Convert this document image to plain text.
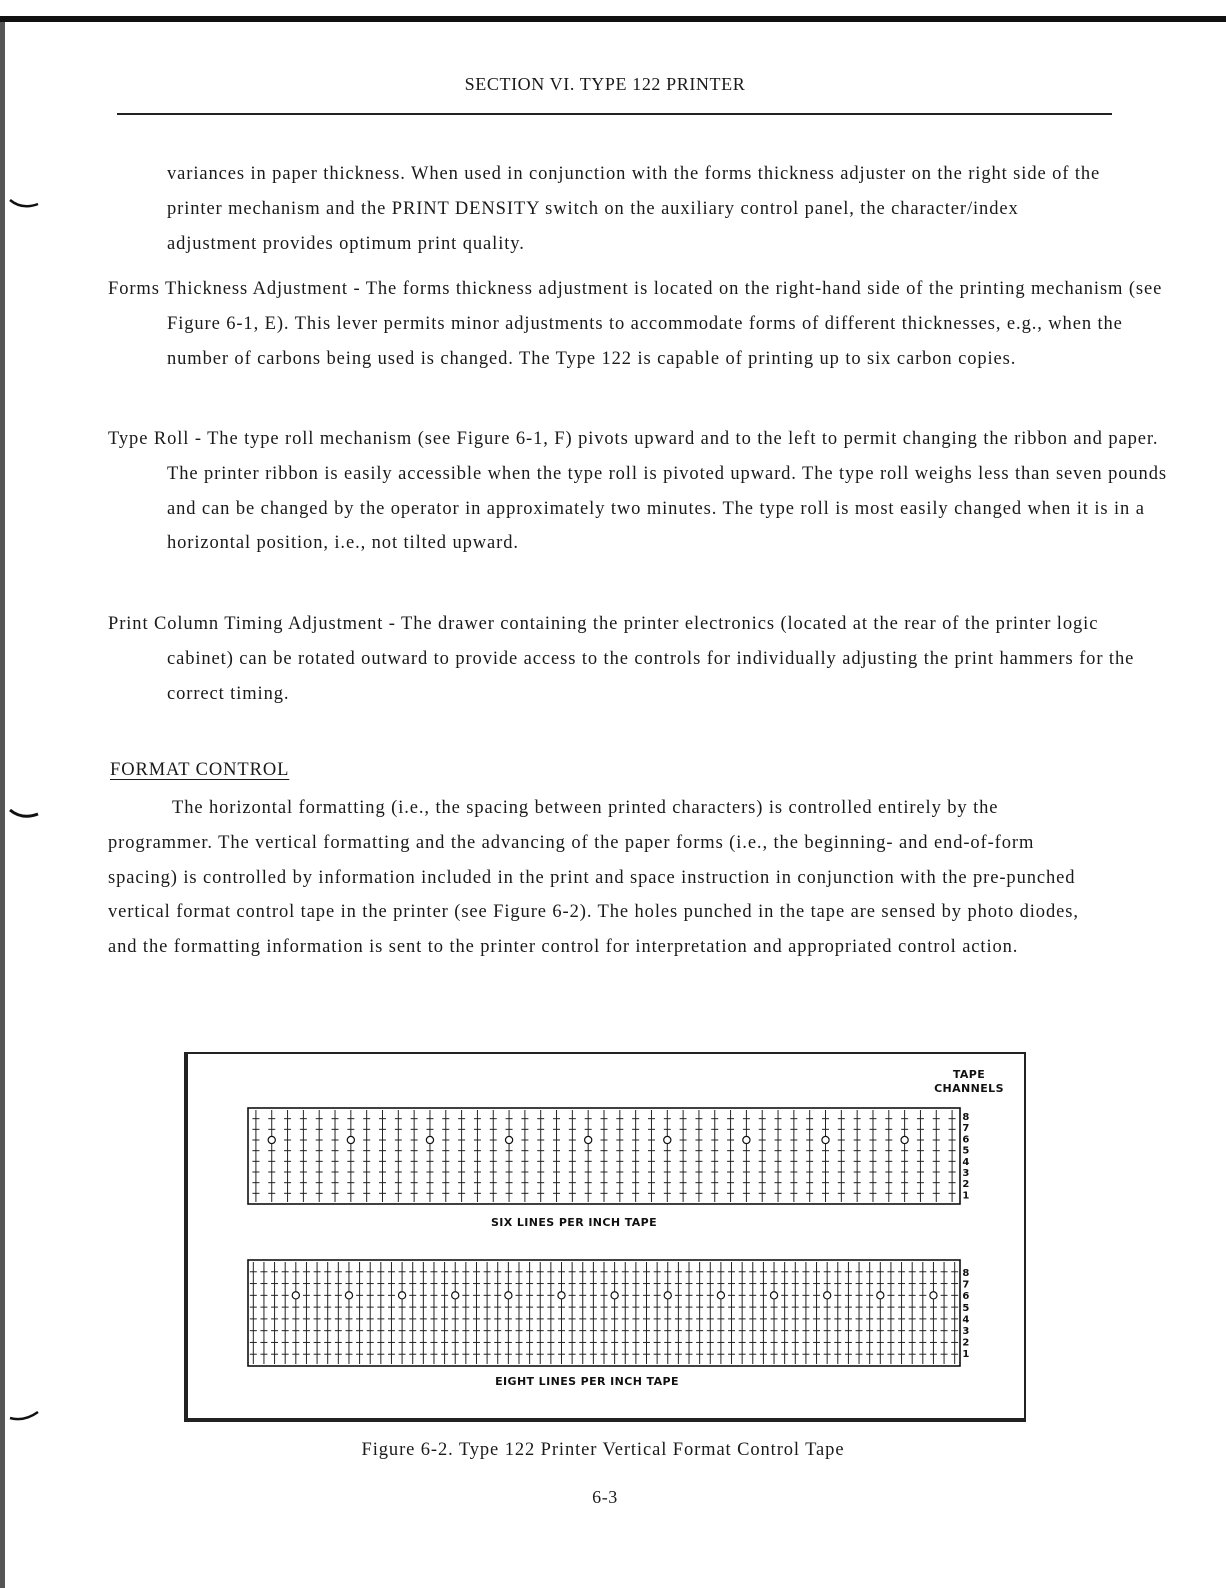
SECTION VI. TYPE 122 PRINTER

variances in paper thickness. When used in conjunction with the forms thickness adjuster on the right side of the printer mechanism and the PRINT DENSITY switch on the auxiliary control panel, the character/index adjustment provides optimum print quality.

Forms Thickness Adjustment - The forms thickness adjustment is located on the right-hand side of the printing mechanism (see Figure 6-1, E). This lever permits minor adjustments to accommodate forms of different thicknesses, e.g., when the number of carbons being used is changed. The Type 122 is capable of printing up to six carbon copies.

Type Roll - The type roll mechanism (see Figure 6-1, F) pivots upward and to the left to permit changing the ribbon and paper. The printer ribbon is easily accessible when the type roll is pivoted upward. The type roll weighs less than seven pounds and can be changed by the operator in approximately two minutes. The type roll is most easily changed when it is in a horizontal position, i.e., not tilted upward.

Print Column Timing Adjustment - The drawer containing the printer electronics (located at the rear of the printer logic cabinet) can be rotated outward to provide access to the controls for individually adjusting the print hammers for the correct timing.

FORMAT CONTROL

The horizontal formatting (i.e., the spacing between printed characters) is controlled entirely by the programmer. The vertical formatting and the advancing of the paper forms (i.e., the beginning- and end-of-form spacing) is controlled by information included in the print and space instruction in conjunction with the pre-punched vertical format control tape in the printer (see Figure 6-2). The holes punched in the tape are sensed by photo diodes, and the formatting information is sent to the printer control for interpretation and appropriated control action.

TAPE
CHANNELS
SIX LINES PER INCH TAPE
EIGHT LINES PER INCH TAPE
8
7
6
5
4
3
2
1
8
7
6
5
4
3
2
1
Figure 6-2. Type 122 Printer Vertical Format Control Tape
6-3
